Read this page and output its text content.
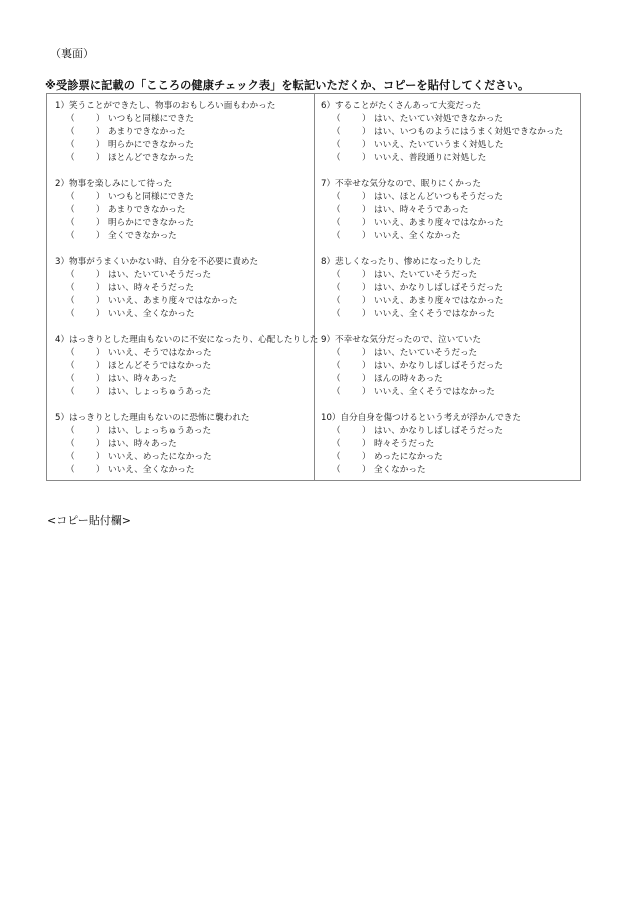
（裏面）
※受診票に記載の「こころの健康チェック表」を転記いただくか、コピーを貼付してください。
1）笑うことができたし、物事のおもしろい面もわかった
（	） いつもと同様にできた
（	） あまりできなかった
（	） 明らかにできなかった
（	） ほとんどできなかった
2）物事を楽しみにして待った
（	） いつもと同様にできた
（	） あまりできなかった
（	） 明らかにできなかった
（	） 全くできなかった
3）物事がうまくいかない時、自分を不必要に責めた
（	） はい、たいていそうだった
（	） はい、時々そうだった
（	） いいえ、あまり度々ではなかった
（	） いいえ、全くなかった
4）はっきりとした理由もないのに不安になったり、心配したりした
（	） いいえ、そうではなかった
（	） ほとんどそうではなかった
（	） はい、時々あった
（	） はい、しょっちゅうあった
5）はっきりとした理由もないのに恐怖に襲われた
（	） はい、しょっちゅうあった
（	） はい、時々あった
（	） いいえ、めったになかった
（	） いいえ、全くなかった
6）することがたくさんあって大変だった
（	） はい、たいてい対処できなかった
（	） はい、いつものようにはうまく対処できなかった
（	） いいえ、たいていうまく対処した
（	） いいえ、普段通りに対処した
7）不幸せな気分なので、眠りにくかった
（	） はい、ほとんどいつもそうだった
（	） はい、時々そうであった
（	） いいえ、あまり度々ではなかった
（	） いいえ、全くなかった
8）悲しくなったり、惨めになったりした
（	） はい、たいていそうだった
（	） はい、かなりしばしばそうだった
（	） いいえ、あまり度々ではなかった
（	） いいえ、全くそうではなかった
9）不幸せな気分だったので、泣いていた
（	） はい、たいていそうだった
（	） はい、かなりしばしばそうだった
（	） ほんの時々あった
（	） いいえ、全くそうではなかった
10）自分自身を傷つけるという考えが浮かんできた
（	） はい、かなりしばしばそうだった
（	） 時々そうだった
（	） めったになかった
（	） 全くなかった
<コピー貼付欄>
